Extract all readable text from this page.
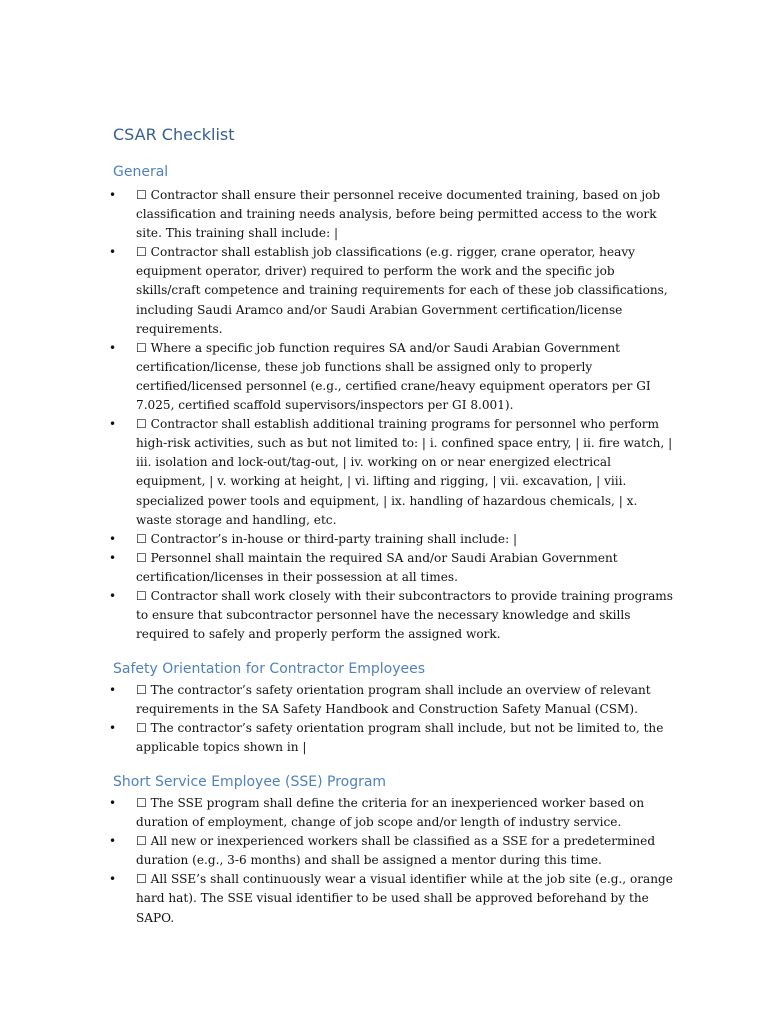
CSAR Checklist
General
• ☐ Contractor shall ensure their personnel receive documented training, based on job classification and training needs analysis, before being permitted access to the work site. This training shall include: |
• ☐ Contractor shall establish job classifications (e.g. rigger, crane operator, heavy equipment operator, driver) required to perform the work and the specific job skills/craft competence and training requirements for each of these job classifications, including Saudi Aramco and/or Saudi Arabian Government certification/license requirements.
• ☐ Where a specific job function requires SA and/or Saudi Arabian Government certification/license, these job functions shall be assigned only to properly certified/licensed personnel (e.g., certified crane/heavy equipment operators per GI 7.025, certified scaffold supervisors/inspectors per GI 8.001).
• ☐ Contractor shall establish additional training programs for personnel who perform high-risk activities, such as but not limited to: | i. confined space entry, | ii. fire watch, | iii. isolation and lock-out/tag-out, | iv. working on or near energized electrical equipment, | v. working at height, | vi. lifting and rigging, | vii. excavation, | viii. specialized power tools and equipment, | ix. handling of hazardous chemicals, | x. waste storage and handling, etc.
• ☐ Contractor’s in-house or third-party training shall include: |
• ☐ Personnel shall maintain the required SA and/or Saudi Arabian Government certification/licenses in their possession at all times.
• ☐ Contractor shall work closely with their subcontractors to provide training programs to ensure that subcontractor personnel have the necessary knowledge and skills required to safely and properly perform the assigned work.
Safety Orientation for Contractor Employees
• ☐ The contractor’s safety orientation program shall include an overview of relevant requirements in the SA Safety Handbook and Construction Safety Manual (CSM).
• ☐ The contractor’s safety orientation program shall include, but not be limited to, the applicable topics shown in |
Short Service Employee (SSE) Program
• ☐ The SSE program shall define the criteria for an inexperienced worker based on duration of employment, change of job scope and/or length of industry service.
• ☐ All new or inexperienced workers shall be classified as a SSE for a predetermined duration (e.g., 3-6 months) and shall be assigned a mentor during this time.
• ☐ All SSE’s shall continuously wear a visual identifier while at the job site (e.g., orange hard hat). The SSE visual identifier to be used shall be approved beforehand by the SAPO.
